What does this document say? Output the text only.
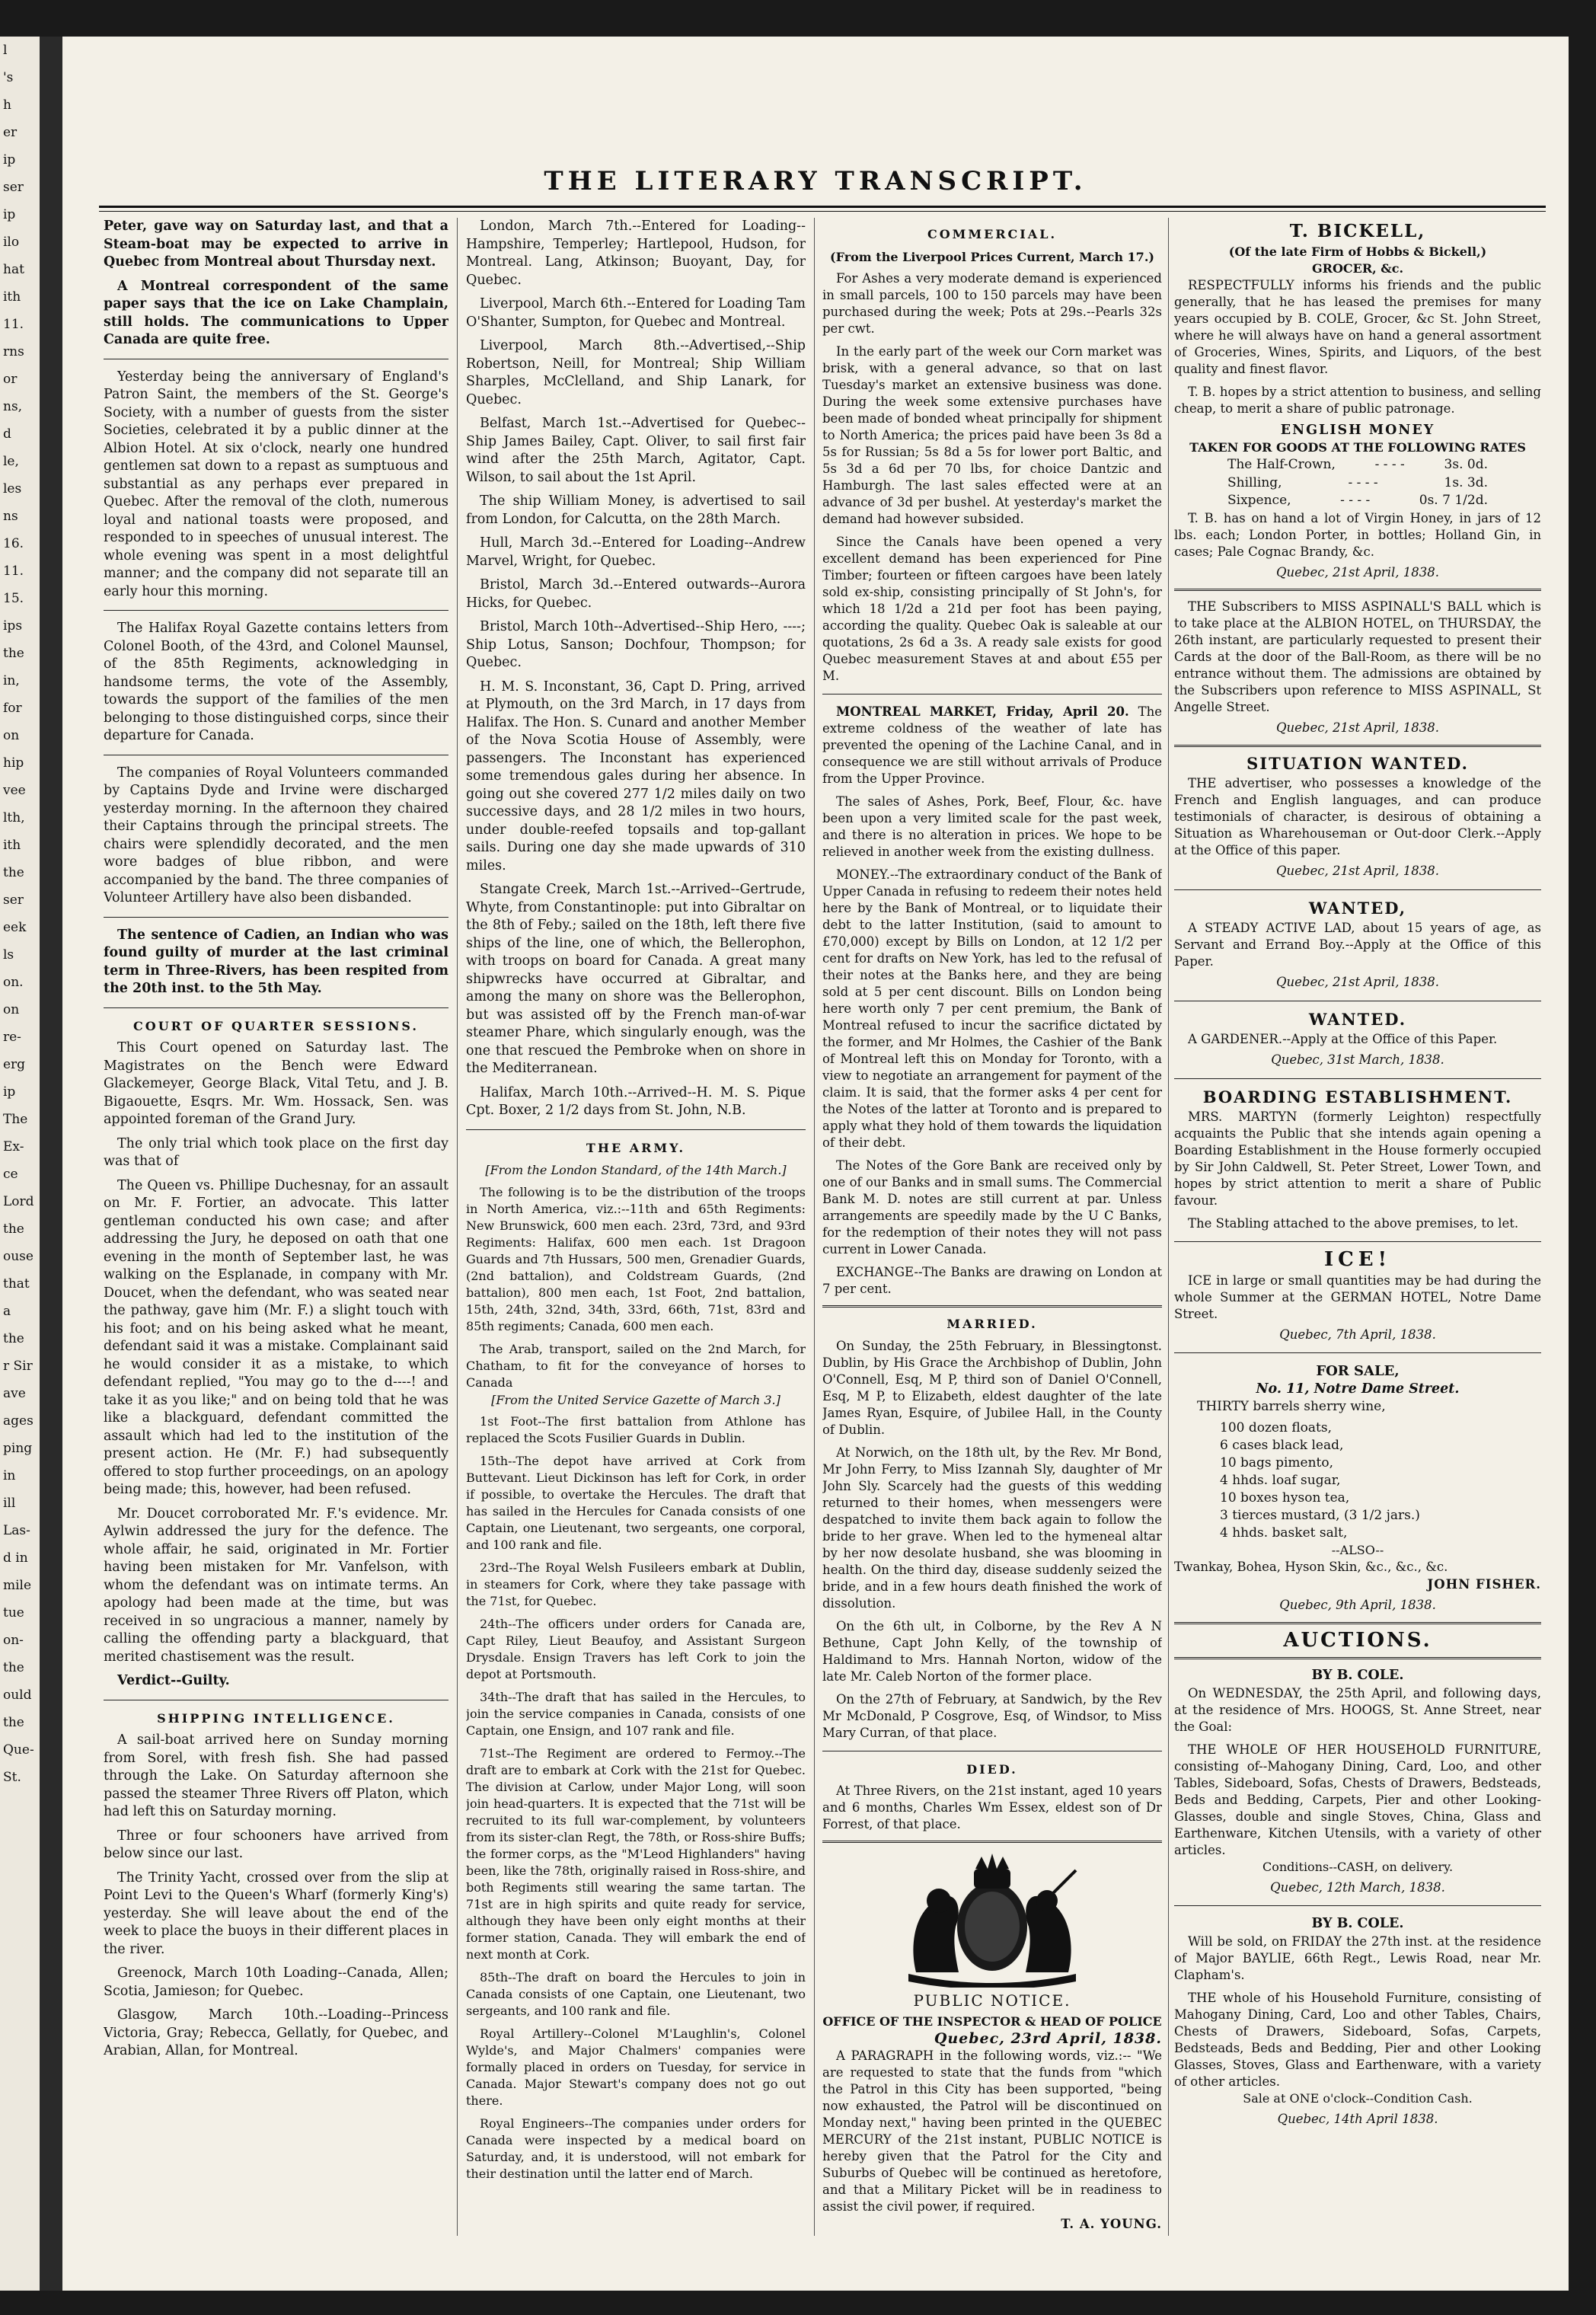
l
's
h
er
ip
ser
ip
ilo
hat
ith
11.
rns
or
ns,
d
le,
les
ns
16.
11.
15.
ips
the
in,
for
on
hip
vee
lth,
ith
the
ser
eek
ls
on.
on
re-
erg
ip
The
Ex-
ce
Lord
the
ouse
that
a
the
r Sir
ave
ages
ping
in
ill
Las-
d in
mile
tue
on-
the
ould
the
Que-
St.
THE LITERARY TRANSCRIPT.

Peter, gave way on Saturday last, and that a Steam-boat may be expected to arrive in Quebec from Montreal about Thursday next.

A Montreal correspondent of the same paper says that the ice on Lake Champlain, still holds. The communications to Upper Canada are quite free.

Yesterday being the anniversary of England's Patron Saint, the members of the St. George's Society, with a number of guests from the sister Societies, celebrated it by a public dinner at the Albion Hotel. At six o'clock, nearly one hundred gentlemen sat down to a repast as sumptuous and substantial as any perhaps ever prepared in Quebec. After the removal of the cloth, numerous loyal and national toasts were proposed, and responded to in speeches of unusual interest. The whole evening was spent in a most delightful manner; and the company did not separate till an early hour this morning.

The Halifax Royal Gazette contains letters from Colonel Booth, of the 43rd, and Colonel Maunsel, of the 85th Regiments, acknowledging in handsome terms, the vote of the Assembly, towards the support of the families of the men belonging to those distinguished corps, since their departure for Canada.

The companies of Royal Volunteers commanded by Captains Dyde and Irvine were discharged yesterday morning. In the afternoon they chaired their Captains through the principal streets. The chairs were splendidly decorated, and the men wore badges of blue ribbon, and were accompanied by the band. The three companies of Volunteer Artillery have also been disbanded.

The sentence of Cadien, an Indian who was found guilty of murder at the last criminal term in Three-Rivers, has been respited from the 20th inst. to the 5th May.

COURT OF QUARTER SESSIONS.

This Court opened on Saturday last. The Magistrates on the Bench were Edward Glackemeyer, George Black, Vital Tetu, and J. B. Bigaouette, Esqrs. Mr. Wm. Hossack, Sen. was appointed foreman of the Grand Jury.

The only trial which took place on the first day was that of

The Queen vs. Phillipe Duchesnay, for an assault on Mr. F. Fortier, an advocate. This latter gentleman conducted his own case; and after addressing the Jury, he deposed on oath that one evening in the month of September last, he was walking on the Esplanade, in company with Mr. Doucet, when the defendant, who was seated near the pathway, gave him (Mr. F.) a slight touch with his foot; and on his being asked what he meant, defendant said it was a mistake. Complainant said he would consider it as a mistake, to which defendant replied, "You may go to the d----! and take it as you like;" and on being told that he was like a blackguard, defendant committed the assault which had led to the institution of the present action. He (Mr. F.) had subsequently offered to stop further proceedings, on an apology being made; this, however, had been refused.

Mr. Doucet corroborated Mr. F.'s evidence. Mr. Aylwin addressed the jury for the defence. The whole affair, he said, originated in Mr. Fortier having been mistaken for Mr. Vanfelson, with whom the defendant was on intimate terms. An apology had been made at the time, but was received in so ungracious a manner, namely by calling the offending party a blackguard, that merited chastisement was the result.

Verdict--Guilty.

SHIPPING INTELLIGENCE.

A sail-boat arrived here on Sunday morning from Sorel, with fresh fish. She had passed through the Lake. On Saturday afternoon she passed the steamer Three Rivers off Platon, which had left this on Saturday morning.

Three or four schooners have arrived from below since our last.

The Trinity Yacht, crossed over from the slip at Point Levi to the Queen's Wharf (formerly King's) yesterday. She will leave about the end of the week to place the buoys in their different places in the river.

Greenock, March 10th Loading--Canada, Allen; Scotia, Jamieson; for Quebec.

Glasgow, March 10th.--Loading--Princess Victoria, Gray; Rebecca, Gellatly, for Quebec, and Arabian, Allan, for Montreal.

London, March 7th.--Entered for Loading--Hampshire, Temperley; Hartlepool, Hudson, for Montreal. Lang, Atkinson; Buoyant, Day, for Quebec.

Liverpool, March 6th.--Entered for Loading Tam O'Shanter, Sumpton, for Quebec and Montreal.

Liverpool, March 8th.--Advertised,--Ship Robertson, Neill, for Montreal; Ship William Sharples, McClelland, and Ship Lanark, for Quebec.

Belfast, March 1st.--Advertised for Quebec--Ship James Bailey, Capt. Oliver, to sail first fair wind after the 25th March, Agitator, Capt. Wilson, to sail about the 1st April.

The ship William Money, is advertised to sail from London, for Calcutta, on the 28th March.

Hull, March 3d.--Entered for Loading--Andrew Marvel, Wright, for Quebec.

Bristol, March 3d.--Entered outwards--Aurora Hicks, for Quebec.

Bristol, March 10th--Advertised--Ship Hero, ----; Ship Lotus, Sanson; Dochfour, Thompson; for Quebec.

H. M. S. Inconstant, 36, Capt D. Pring, arrived at Plymouth, on the 3rd March, in 17 days from Halifax. The Hon. S. Cunard and another Member of the Nova Scotia House of Assembly, were passengers. The Inconstant has experienced some tremendous gales during her absence. In going out she covered 277 1/2 miles daily on two successive days, and 28 1/2 miles in two hours, under double-reefed topsails and top-gallant sails. During one day she made upwards of 310 miles.

Stangate Creek, March 1st.--Arrived--Gertrude, Whyte, from Constantinople: put into Gibraltar on the 8th of Feby.; sailed on the 18th, left there five ships of the line, one of which, the Bellerophon, with troops on board for Canada. A great many shipwrecks have occurred at Gibraltar, and among the many on shore was the Bellerophon, but was assisted off by the French man-of-war steamer Phare, which singularly enough, was the one that rescued the Pembroke when on shore in the Mediterranean.

Halifax, March 10th.--Arrived--H. M. S. Pique Cpt. Boxer, 2 1/2 days from St. John, N.B.

THE ARMY.
[From the London Standard, of the 14th March.]

The following is to be the distribution of the troops in North America, viz.:--11th and 65th Regiments: New Brunswick, 600 men each. 23rd, 73rd, and 93rd Regiments: Halifax, 600 men each. 1st Dragoon Guards and 7th Hussars, 500 men, Grenadier Guards, (2nd battalion), and Coldstream Guards, (2nd battalion), 800 men each, 1st Foot, 2nd battalion, 15th, 24th, 32nd, 34th, 33rd, 66th, 71st, 83rd and 85th regiments; Canada, 600 men each.

The Arab, transport, sailed on the 2nd March, for Chatham, to fit for the conveyance of horses to Canada

[From the United Service Gazette of March 3.]

1st Foot--The first battalion from Athlone has replaced the Scots Fusilier Guards in Dublin.

15th--The depot have arrived at Cork from Buttevant. Lieut Dickinson has left for Cork, in order if possible, to overtake the Hercules. The draft that has sailed in the Hercules for Canada consists of one Captain, one Lieutenant, two sergeants, one corporal, and 100 rank and file.

23rd--The Royal Welsh Fusileers embark at Dublin, in steamers for Cork, where they take passage with the 71st, for Quebec.

24th--The officers under orders for Canada are, Capt Riley, Lieut Beaufoy, and Assistant Surgeon Drysdale. Ensign Travers has left Cork to join the depot at Portsmouth.

34th--The draft that has sailed in the Hercules, to join the service companies in Canada, consists of one Captain, one Ensign, and 107 rank and file.

71st--The Regiment are ordered to Fermoy.--The draft are to embark at Cork with the 21st for Quebec. The division at Carlow, under Major Long, will soon join head-quarters. It is expected that the 71st will be recruited to its full war-complement, by volunteers from its sister-clan Regt, the 78th, or Ross-shire Buffs; the former corps, as the "M'Leod Highlanders" having been, like the 78th, originally raised in Ross-shire, and both Regiments still wearing the same tartan. The 71st are in high spirits and quite ready for service, although they have been only eight months at their former station, Canada. They will embark the end of next month at Cork.

85th--The draft on board the Hercules to join in Canada consists of one Captain, one Lieutenant, two sergeants, and 100 rank and file.

Royal Artillery--Colonel M'Laughlin's, Colonel Wylde's, and Major Chalmers' companies were formally placed in orders on Tuesday, for service in Canada. Major Stewart's company does not go out there.

Royal Engineers--The companies under orders for Canada were inspected by a medical board on Saturday, and, it is understood, will not embark for their destination until the latter end of March.

COMMERCIAL.
(From the Liverpool Prices Current, March 17.)

For Ashes a very moderate demand is experienced in small parcels, 100 to 150 parcels may have been purchased during the week; Pots at 29s.--Pearls 32s per cwt.

In the early part of the week our Corn market was brisk, with a general advance, so that on last Tuesday's market an extensive business was done. During the week some extensive purchases have been made of bonded wheat principally for shipment to North America; the prices paid have been 3s 8d a 5s for Russian; 5s 8d a 5s for lower port Baltic, and 5s 3d a 6d per 70 lbs, for choice Dantzic and Hamburgh. The last sales effected were at an advance of 3d per bushel. At yesterday's market the demand had however subsided.

Since the Canals have been opened a very excellent demand has been experienced for Pine Timber; fourteen or fifteen cargoes have been lately sold ex-ship, consisting principally of St John's, for which 18 1/2d a 21d per foot has been paying, according the quality. Quebec Oak is saleable at our quotations, 2s 6d a 3s. A ready sale exists for good Quebec measurement Staves at and about £55 per M.

MONTREAL MARKET, Friday, April 20. The extreme coldness of the weather of late has prevented the opening of the Lachine Canal, and in consequence we are still without arrivals of Produce from the Upper Province.

The sales of Ashes, Pork, Beef, Flour, &c. have been upon a very limited scale for the past week, and there is no alteration in prices. We hope to be relieved in another week from the existing dullness.

MONEY.--The extraordinary conduct of the Bank of Upper Canada in refusing to redeem their notes held here by the Bank of Montreal, or to liquidate their debt to the latter Institution, (said to amount to £70,000) except by Bills on London, at 12 1/2 per cent for drafts on New York, has led to the refusal of their notes at the Banks here, and they are being sold at 5 per cent discount. Bills on London being here worth only 7 per cent premium, the Bank of Montreal refused to incur the sacrifice dictated by the former, and Mr Holmes, the Cashier of the Bank of Montreal left this on Monday for Toronto, with a view to negotiate an arrangement for payment of the claim. It is said, that the former asks 4 per cent for the Notes of the latter at Toronto and is prepared to apply what they hold of them towards the liquidation of their debt.

The Notes of the Gore Bank are received only by one of our Banks and in small sums. The Commercial Bank M. D. notes are still current at par. Unless arrangements are speedily made by the U C Banks, for the redemption of their notes they will not pass current in Lower Canada.

EXCHANGE--The Banks are drawing on London at 7 per cent.

MARRIED.

On Sunday, the 25th February, in Blessingtonst. Dublin, by His Grace the Archbishop of Dublin, John O'Connell, Esq, M P, third son of Daniel O'Connell, Esq, M P, to Elizabeth, eldest daughter of the late James Ryan, Esquire, of Jubilee Hall, in the County of Dublin.

At Norwich, on the 18th ult, by the Rev. Mr Bond, Mr John Ferry, to Miss Izannah Sly, daughter of Mr John Sly. Scarcely had the guests of this wedding returned to their homes, when messengers were despatched to invite them back again to follow the bride to her grave. When led to the hymeneal altar by her now desolate husband, she was blooming in health. On the third day, disease suddenly seized the bride, and in a few hours death finished the work of dissolution.

On the 6th ult, in Colborne, by the Rev A N Bethune, Capt John Kelly, of the township of Haldimand to Mrs. Hannah Norton, widow of the late Mr. Caleb Norton of the former place.

On the 27th of February, at Sandwich, by the Rev Mr McDonald, P Cosgrove, Esq, of Windsor, to Miss Mary Curran, of that place.

DIED.

At Three Rivers, on the 21st instant, aged 10 years and 6 months, Charles Wm Essex, eldest son of Dr Forrest, of that place.

PUBLIC NOTICE.
OFFICE OF THE INSPECTOR & HEAD OF POLICE
Quebec, 23rd April, 1838.

A PARAGRAPH in the following words, viz.:-- "We are requested to state that the funds from "which the Patrol in this City has been supported, "being now exhausted, the Patrol will be discontinued on Monday next," having been printed in the QUEBEC MERCURY of the 21st instant, PUBLIC NOTICE is hereby given that the Patrol for the City and Suburbs of Quebec will be continued as heretofore, and that a Military Picket will be in readiness to assist the civil power, if required.

T. A. YOUNG.
T. BICKELL,
(Of the late Firm of Hobbs & Bickell,)
GROCER, &c.

RESPECTFULLY informs his friends and the public generally, that he has leased the premises for many years occupied by B. COLE, Grocer, &c St. John Street, where he will always have on hand a general assortment of Groceries, Wines, Spirits, and Liquors, of the best quality and finest flavor.

T. B. hopes by a strict attention to business, and selling cheap, to merit a share of public patronage.

ENGLISH MONEY
TAKEN FOR GOODS AT THE FOLLOWING RATES
The Half-Crown,	- - - -	3s. 0d.
Shilling,	- - - -	1s. 3d.
Sixpence,	- - - -	0s. 7 1/2d.

T. B. has on hand a lot of Virgin Honey, in jars of 12 lbs. each; London Porter, in bottles; Holland Gin, in cases; Pale Cognac Brandy, &c.

Quebec, 21st April, 1838.

THE Subscribers to MISS ASPINALL'S BALL which is to take place at the ALBION HOTEL, on THURSDAY, the 26th instant, are particularly requested to present their Cards at the door of the Ball-Room, as there will be no entrance without them. The admissions are obtained by the Subscribers upon reference to MISS ASPINALL, St Angelle Street.

Quebec, 21st April, 1838.
SITUATION WANTED.

THE advertiser, who possesses a knowledge of the French and English languages, and can produce testimonials of character, is desirous of obtaining a Situation as Wharehouseman or Out-door Clerk.--Apply at the Office of this paper.

Quebec, 21st April, 1838.
WANTED,

A STEADY ACTIVE LAD, about 15 years of age, as Servant and Errand Boy.--Apply at the Office of this Paper.

Quebec, 21st April, 1838.
WANTED.

A GARDENER.--Apply at the Office of this Paper.

Quebec, 31st March, 1838.
BOARDING ESTABLISHMENT.

MRS. MARTYN (formerly Leighton) respectfully acquaints the Public that she intends again opening a Boarding Establishment in the House formerly occupied by Sir John Caldwell, St. Peter Street, Lower Town, and hopes by strict attention to merit a share of Public favour.

The Stabling attached to the above premises, to let.

ICE!

ICE in large or small quantities may be had during the whole Summer at the GERMAN HOTEL, Notre Dame Street.

Quebec, 7th April, 1838.
FOR SALE,
No. 11, Notre Dame Street.

THIRTY barrels sherry wine,

100 dozen floats,
6 cases black lead,
10 bags pimento,
4 hhds. loaf sugar,
10 boxes hyson tea,
3 tierces mustard, (3 1/2 jars.)
4 hhds. basket salt,
--ALSO--

Twankay, Bohea, Hyson Skin, &c., &c., &c.

JOHN FISHER.
Quebec, 9th April, 1838.
AUCTIONS.
BY B. COLE.

On WEDNESDAY, the 25th April, and following days, at the residence of Mrs. HOOGS, St. Anne Street, near the Goal:

THE WHOLE OF HER HOUSEHOLD FURNITURE, consisting of--Mahogany Dining, Card, Loo, and other Tables, Sideboard, Sofas, Chests of Drawers, Bedsteads, Beds and Bedding, Carpets, Pier and other Looking-Glasses, double and single Stoves, China, Glass and Earthenware, Kitchen Utensils, with a variety of other articles.

Conditions--CASH, on delivery.
Quebec, 12th March, 1838.
BY B. COLE.

Will be sold, on FRIDAY the 27th inst. at the residence of Major BAYLIE, 66th Regt., Lewis Road, near Mr. Clapham's.

THE whole of his Household Furniture, consisting of Mahogany Dining, Card, Loo and other Tables, Chairs, Chests of Drawers, Sideboard, Sofas, Carpets, Bedsteads, Beds and Bedding, Pier and other Looking Glasses, Stoves, Glass and Earthenware, with a variety of other articles.

Sale at ONE o'clock--Condition Cash.
Quebec, 14th April 1838.
